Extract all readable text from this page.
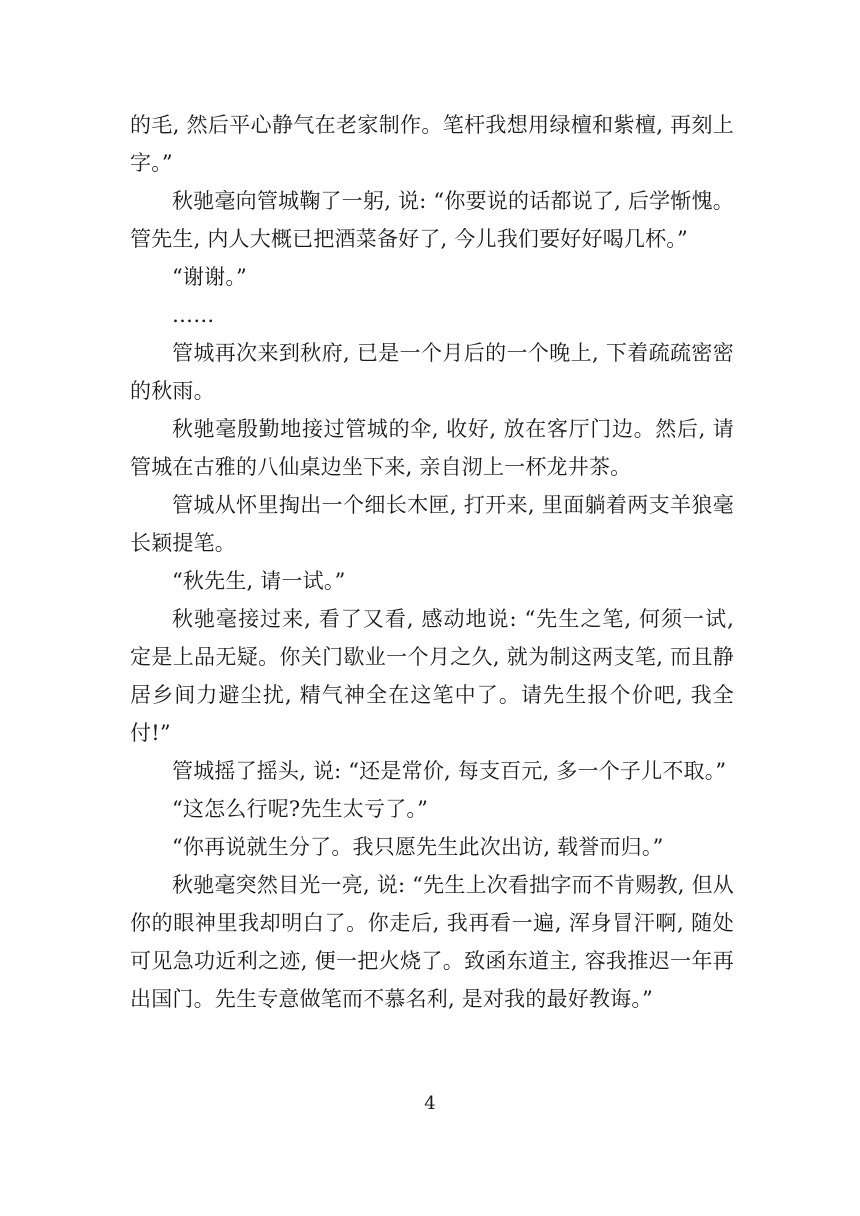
的毛, 然后平心静气在老家制作。笔杆我想用绿檀和紫檀, 再刻上字。”

秋驰毫向管城鞠了一躬, 说: “你要说的话都说了, 后学惭愧。管先生, 内人大概已把酒菜备好了, 今儿我们要好好喝几杯。”

“谢谢。”

……

管城再次来到秋府, 已是一个月后的一个晚上, 下着疏疏密密的秋雨。

秋驰毫殷勤地接过管城的伞, 收好, 放在客厅门边。然后, 请管城在古雅的八仙桌边坐下来, 亲自沏上一杯龙井茶。

管城从怀里掏出一个细长木匣, 打开来, 里面躺着两支羊狼毫长颖提笔。

“秋先生, 请一试。”

秋驰毫接过来, 看了又看, 感动地说: “先生之笔, 何须一试, 定是上品无疑。你关门歇业一个月之久, 就为制这两支笔, 而且静居乡间力避尘扰, 精气神全在这笔中了。请先生报个价吧, 我全付!”

管城摇了摇头, 说: “还是常价, 每支百元, 多一个子儿不取。”

“这怎么行呢?先生太亏了。”

“你再说就生分了。我只愿先生此次出访, 载誉而归。”

秋驰毫突然目光一亮, 说: “先生上次看拙字而不肯赐教, 但从你的眼神里我却明白了。你走后, 我再看一遍, 浑身冒汗啊, 随处可见急功近利之迹, 便一把火烧了。致函东道主, 容我推迟一年再出国门。先生专意做笔而不慕名利, 是对我的最好教诲。”

4
